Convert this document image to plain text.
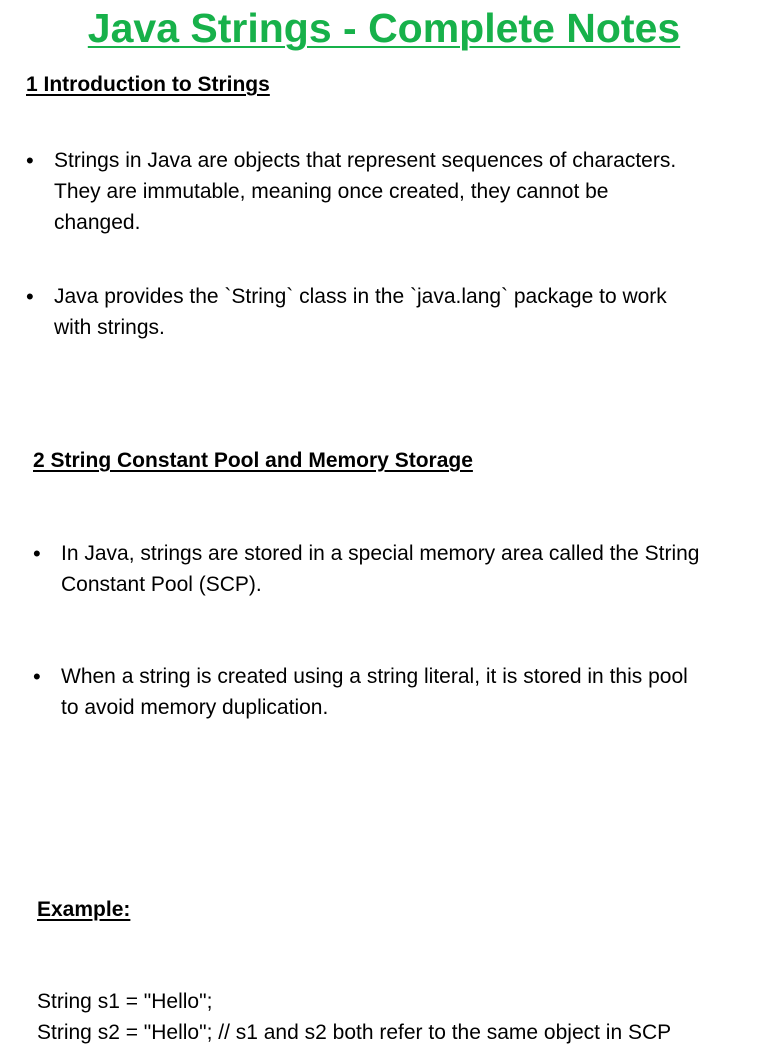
Java Strings - Complete Notes
1 Introduction to Strings
• Strings in Java are objects that represent sequences of characters.

They are immutable, meaning once created, they cannot be

changed.

• Java provides the `String` class in the `java.lang` package to work

with strings.

2 String Constant Pool and Memory Storage
• In Java, strings are stored in a special memory area called the String

Constant Pool (SCP).

• When a string is created using a string literal, it is stored in this pool

to avoid memory duplication.

Example:

String s1 = "Hello";

String s2 = "Hello"; // s1 and s2 both refer to the same object in SCP
